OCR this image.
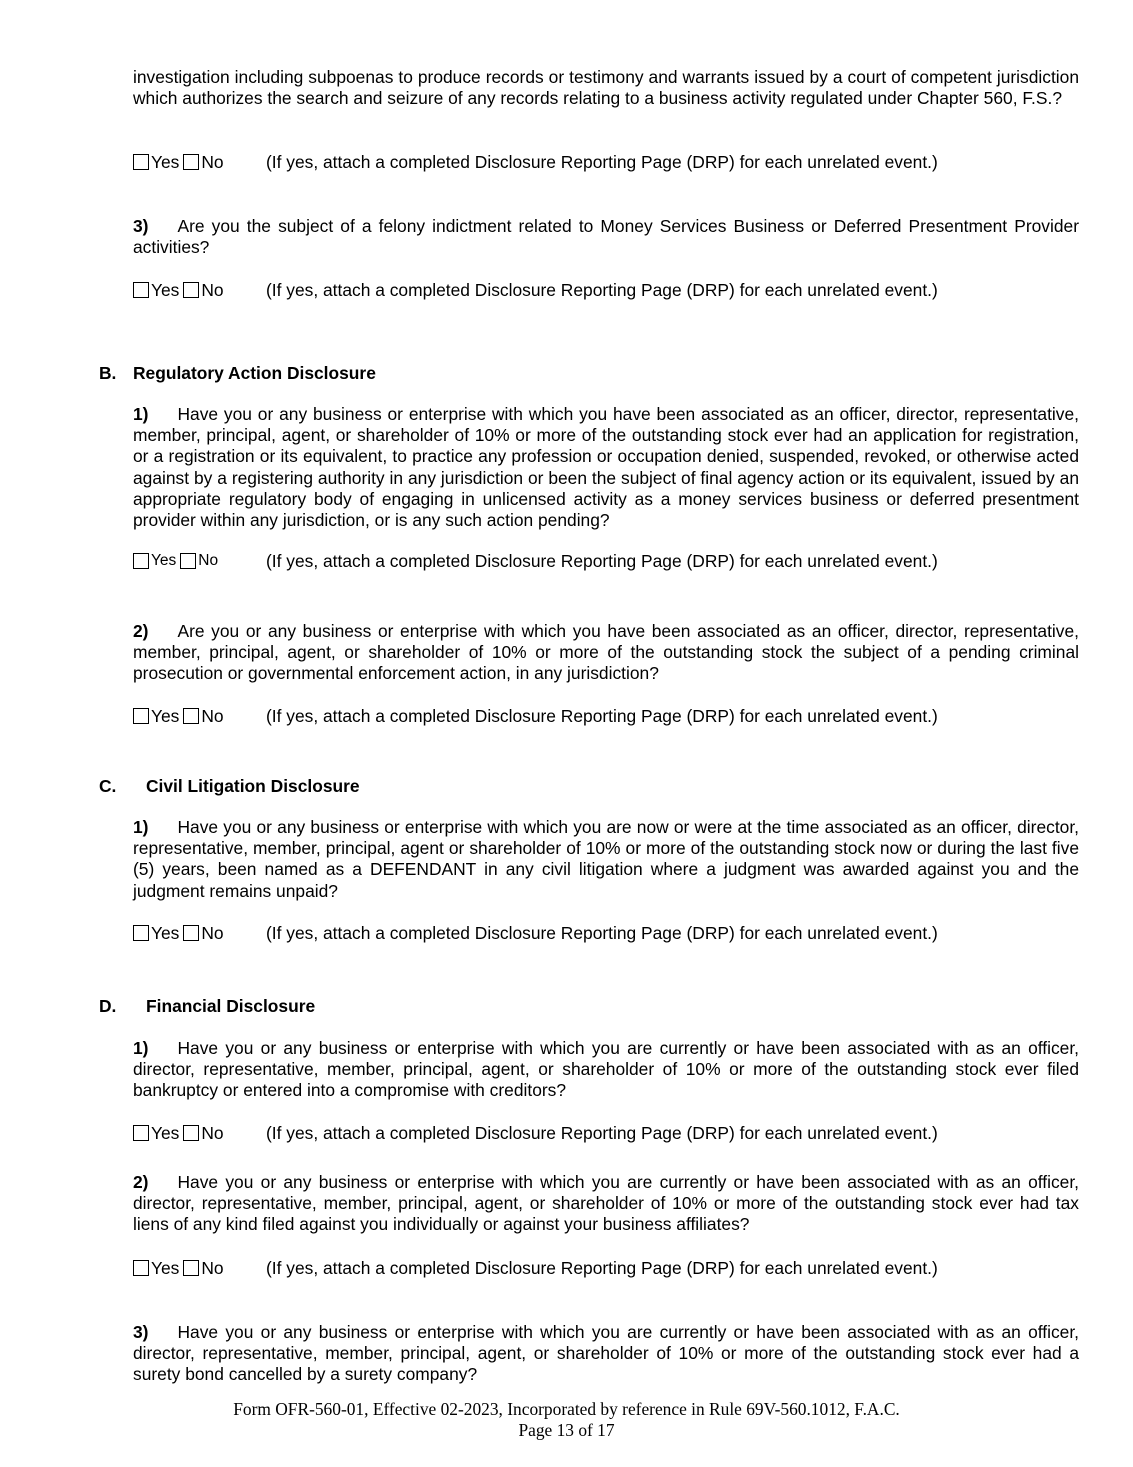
investigation including subpoenas to produce records or testimony and warrants issued by a court of competent jurisdiction which authorizes the search and seizure of any records relating to a business activity regulated under Chapter 560, F.S.?

Yes No (If yes, attach a completed Disclosure Reporting Page (DRP) for each unrelated event.)

3) Are you the subject of a felony indictment related to Money Services Business or Deferred Presentment Provider activities?

Yes No (If yes, attach a completed Disclosure Reporting Page (DRP) for each unrelated event.)
B. Regulatory Action Disclosure

1) Have you or any business or enterprise with which you have been associated as an officer, director, representative, member, principal, agent, or shareholder of 10% or more of the outstanding stock ever had an application for registration, or a registration or its equivalent, to practice any profession or occupation denied, suspended, revoked, or otherwise acted against by a registering authority in any jurisdiction or been the subject of final agency action or its equivalent, issued by an appropriate regulatory body of engaging in unlicensed activity as a money services business or deferred presentment provider within any jurisdiction, or is any such action pending?

Yes No	(If yes, attach a completed Disclosure Reporting Page (DRP) for each unrelated event.)

2) Are you or any business or enterprise with which you have been associated as an officer, director, representative, member, principal, agent, or shareholder of 10% or more of the outstanding stock the subject of a pending criminal prosecution or governmental enforcement action, in any jurisdiction?

Yes No (If yes, attach a completed Disclosure Reporting Page (DRP) for each unrelated event.)
C. Civil Litigation Disclosure

1) Have you or any business or enterprise with which you are now or were at the time associated as an officer, director, representative, member, principal, agent or shareholder of 10% or more of the outstanding stock now or during the last five (5) years, been named as a DEFENDANT in any civil litigation where a judgment was awarded against you and the judgment remains unpaid?

Yes No (If yes, attach a completed Disclosure Reporting Page (DRP) for each unrelated event.)
D. Financial Disclosure

1) Have you or any business or enterprise with which you are currently or have been associated with as an officer, director, representative, member, principal, agent, or shareholder of 10% or more of the outstanding stock ever filed bankruptcy or entered into a compromise with creditors?

Yes No (If yes, attach a completed Disclosure Reporting Page (DRP) for each unrelated event.)

2) Have you or any business or enterprise with which you are currently or have been associated with as an officer, director, representative, member, principal, agent, or shareholder of 10% or more of the outstanding stock ever had tax liens of any kind filed against you individually or against your business affiliates?

Yes No (If yes, attach a completed Disclosure Reporting Page (DRP) for each unrelated event.)

3) Have you or any business or enterprise with which you are currently or have been associated with as an officer, director, representative, member, principal, agent, or shareholder of 10% or more of the outstanding stock ever had a surety bond cancelled by a surety company?

Form OFR-560-01, Effective 02-2023, Incorporated by reference in Rule 69V-560.1012, F.A.C.
Page 13 of 17
